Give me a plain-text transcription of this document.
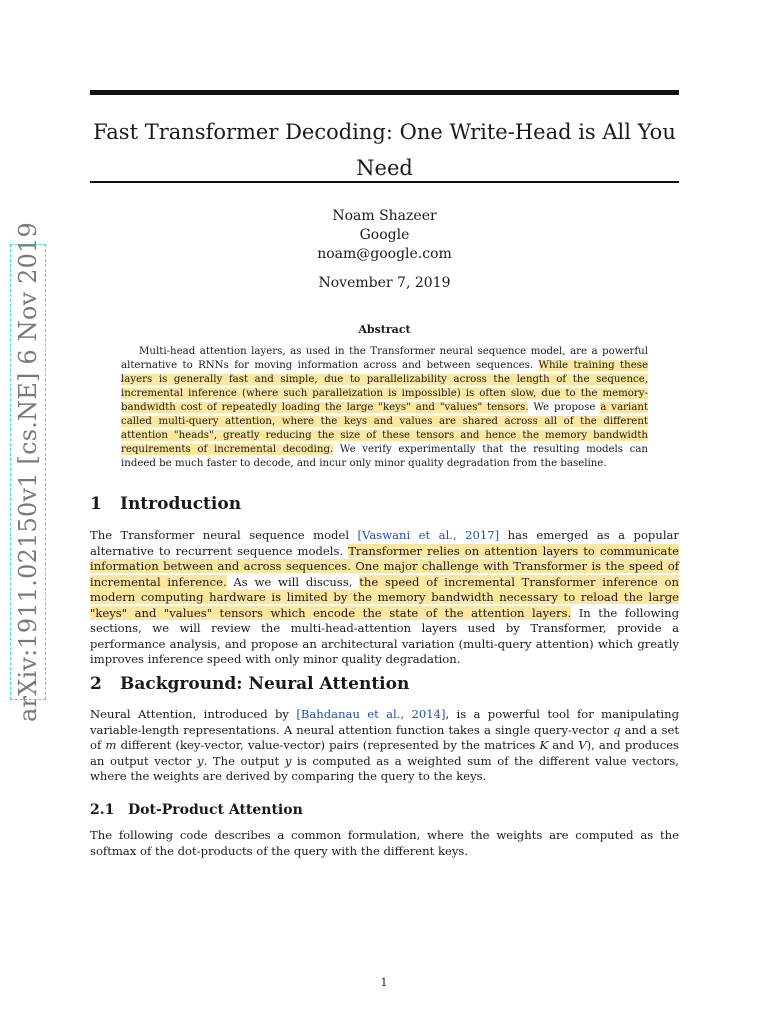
arXiv:1911.02150v1 [cs.NE] 6 Nov 2019
Fast Transformer Decoding: One Write-Head is All You Need
Noam Shazeer
Google
noam@google.com
November 7, 2019
Abstract
Multi-head attention layers, as used in the Transformer neural sequence model, are a powerful alternative to RNNs for moving information across and between sequences. While training these layers is generally fast and simple, due to parallelizability across the length of the sequence, incremental inference (where such paralleization is impossible) is often slow, due to the memory-bandwidth cost of repeatedly loading the large "keys" and "values" tensors. We propose a variant called multi-query attention, where the keys and values are shared across all of the different attention "heads", greatly reducing the size of these tensors and hence the memory bandwidth requirements of incremental decoding. We verify experimentally that the resulting models can indeed be much faster to decode, and incur only minor quality degradation from the baseline.
1 Introduction
The Transformer neural sequence model [Vaswani et al., 2017] has emerged as a popular alternative to recurrent sequence models. Transformer relies on attention layers to communicate information between and across sequences. One major challenge with Transformer is the speed of incremental inference. As we will discuss, the speed of incremental Transformer inference on modern computing hardware is limited by the memory bandwidth necessary to reload the large "keys" and "values" tensors which encode the state of the attention layers. In the following sections, we will review the multi-head-attention layers used by Transformer, provide a performance analysis, and propose an architectural variation (multi-query attention) which greatly improves inference speed with only minor quality degradation.
2 Background: Neural Attention
Neural Attention, introduced by [Bahdanau et al., 2014], is a powerful tool for manipulating variable-length representations. A neural attention function takes a single query-vector q and a set of m different (key-vector, value-vector) pairs (represented by the matrices K and V), and produces an output vector y. The output y is computed as a weighted sum of the different value vectors, where the weights are derived by comparing the query to the keys.
2.1 Dot-Product Attention
The following code describes a common formulation, where the weights are computed as the softmax of the dot-products of the query with the different keys.
1
